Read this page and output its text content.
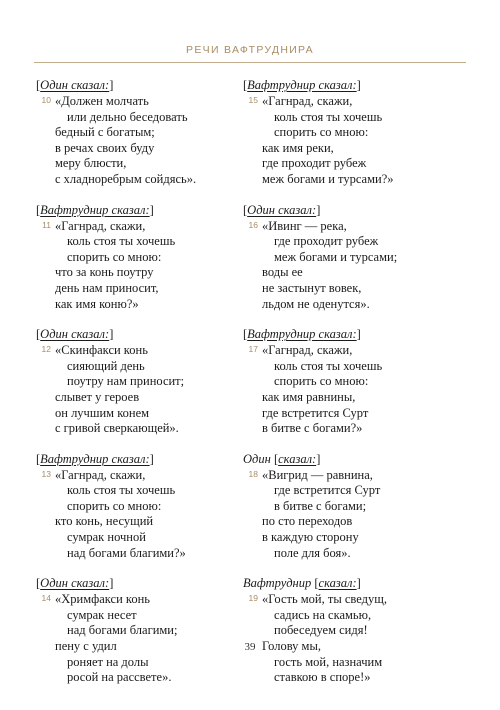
РЕЧИ ВАФТРУДНИРА
[Один сказал:]
10 «Должен молчать
или дельно беседовать
бедный с богатым;
в речах своих буду
меру блюсти,
с хладноребрым сойдясь».
[Вафтруднир сказал:]
11 «Гагнрад, скажи,
коль стоя ты хочешь
спорить со мною:
что за конь поутру
день нам приносит,
как имя коню?»
[Один сказал:]
12 «Скинфакси конь
сияющий день
поутру нам приносит;
слывет у героев
он лучшим конем
с гривой сверкающей».
[Вафтруднир сказал:]
13 «Гагнрад, скажи,
коль стоя ты хочешь
спорить со мною:
кто конь, несущий
сумрак ночной
над богами благими?»
[Один сказал:]
14 «Хримфакси конь
сумрак несет
над богами благими;
пену с удил
роняет на долы
росой на рассвете».
[Вафтруднир сказал:]
15 «Гагнрад, скажи,
коль стоя ты хочешь
спорить со мною:
как имя реки,
где проходит рубеж
меж богами и турсами?»
[Один сказал:]
16 «Ивинг — река,
где проходит рубеж
меж богами и турсами;
воды ее
не застынут вовек,
льдом не оденутся».
[Вафтруднир сказал:]
17 «Гагнрад, скажи,
коль стоя ты хочешь
спорить со мною:
как имя равнины,
где встретится Сурт
в битве с богами?»
Один [сказал:]
18 «Вигрид — равнина,
где встретится Сурт
в битве с богами;
по сто переходов
в каждую сторону
поле для боя».
Вафтруднир [сказал:]
19 «Гость мой, ты сведущ,
садись на скамью,
побеседуем сидя!
Голову мы,
гость мой, назначим
ставкою в споре!»
39
